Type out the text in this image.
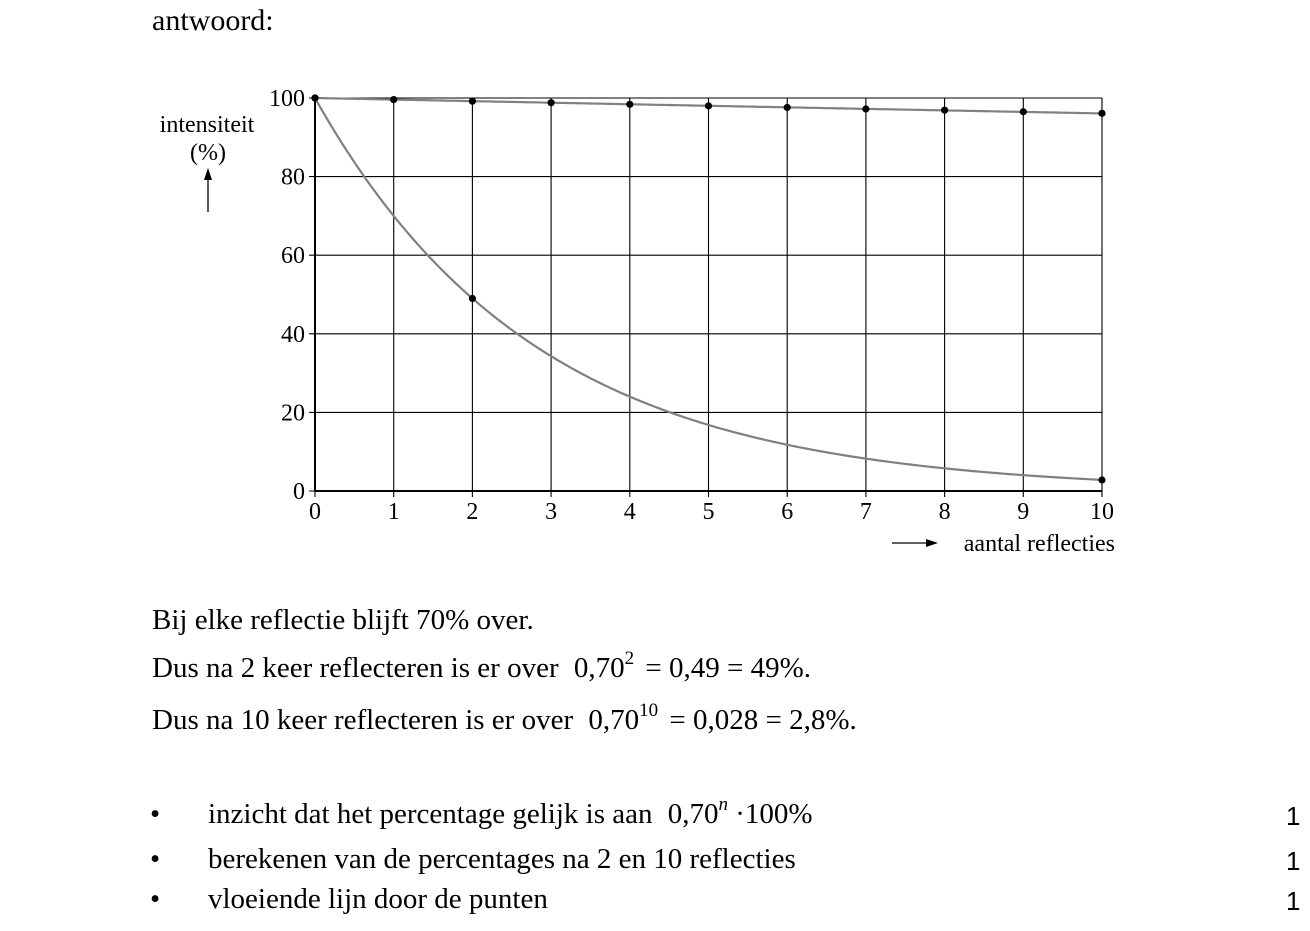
antwoord:
0	1	2	3	4	5	6	7	8	9	10
0
20
40
60
80
100
intensiteit
(%)
aantal reflecties
Bij elke reflectie blijft 70% over.
Dus na 2 keer reflecteren is er over $0,70^2 = 0,49 = 49\%$.
Dus na 10 keer reflecteren is er over $0,70^{10} = 0,028 = 2,8\%$.
• inzicht dat het percentage gelijk is aan $0,70^n \cdot 100\%$	1
• berekenen van de percentages na 2 en 10 reflecties	1
• vloeiende lijn door de punten	1
